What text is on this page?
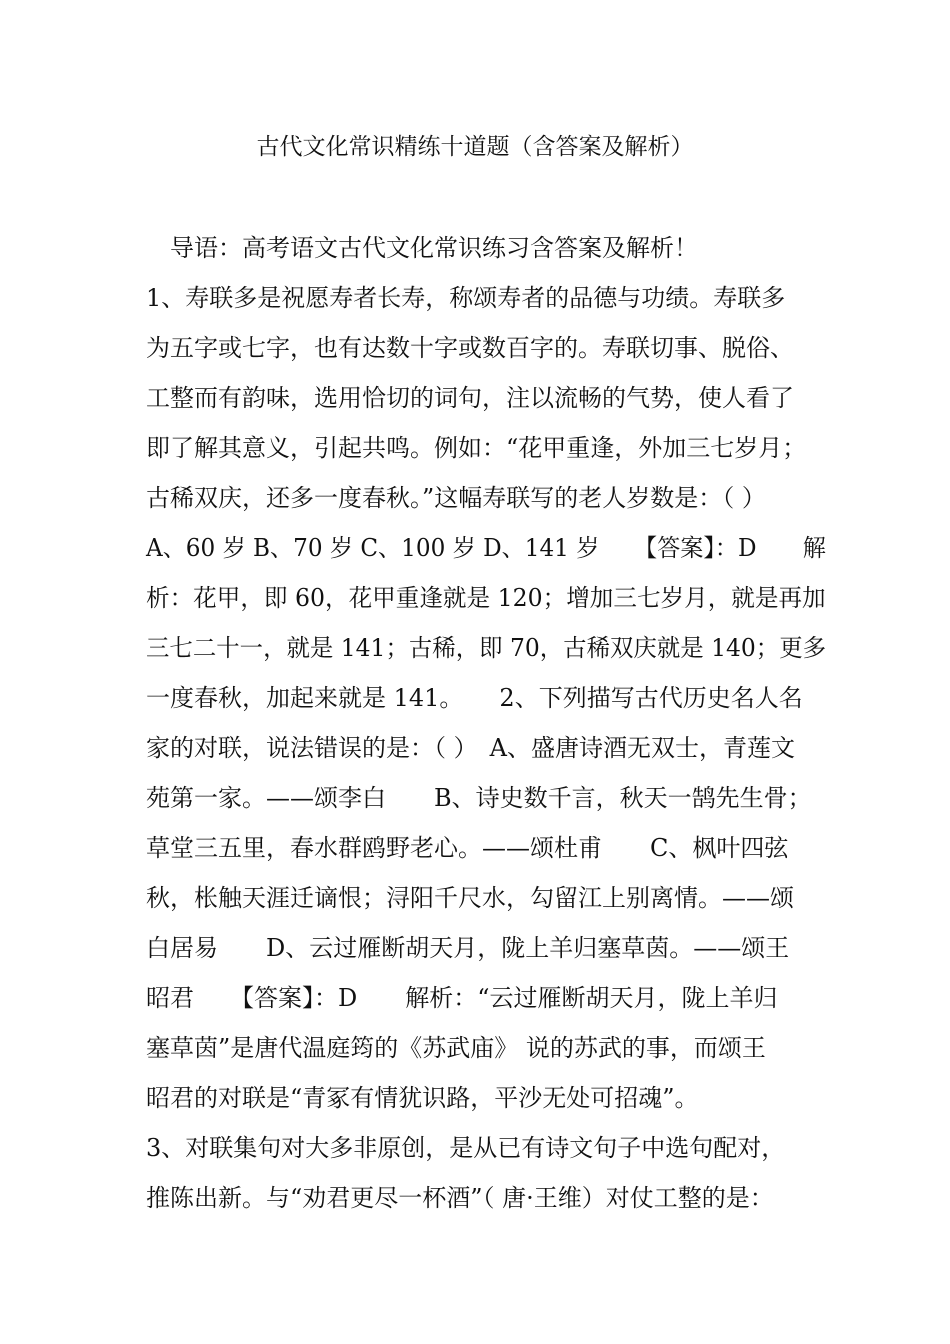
古代文化常识精练十道题（含答案及解析）
　导语：高考语文古代文化常识练习含答案及解析！
1、寿联多是祝愿寿者长寿，称颂寿者的品德与功绩。寿联多
为五字或七字，也有达数十字或数百字的。寿联切事、脱俗、
工整而有韵味，选用恰切的词句，注以流畅的气势，使人看了
即了解其意义，引起共鸣。例如：“花甲重逢，外加三七岁月；
古稀双庆，还多一度春秋。”这幅寿联写的老人岁数是：（ ）
A、60 岁 B、70 岁 C、100 岁 D、141 岁　　【答案】：D　　解
析：花甲，即 60，花甲重逢就是 120；增加三七岁月，就是再加
三七二十一，就是 141；古稀，即 70，古稀双庆就是 140；更多
一度春秋，加起来就是 141。　　2、下列描写古代历史名人名
家的对联，说法错误的是：（ ）　A、盛唐诗酒无双士，青莲文
苑第一家。——颂李白　　B、诗史数千言，秋天一鹄先生骨；
草堂三五里，春水群鸥野老心。——颂杜甫　　C、枫叶四弦
秋，枨触天涯迁谪恨；浔阳千尺水，勾留江上别离情。——颂
白居易　　D、云过雁断胡天月，陇上羊归塞草茵。——颂王
昭君　　【答案】：D　　解析：“云过雁断胡天月，陇上羊归
塞草茵”是唐代温庭筠的《苏武庙》 说的苏武的事，而颂王
昭君的对联是“青冢有情犹识路，平沙无处可招魂”。
3、对联集句对大多非原创，是从已有诗文句子中选句配对，
推陈出新。与“劝君更尽一杯酒”（ 唐·王维）对仗工整的是：
